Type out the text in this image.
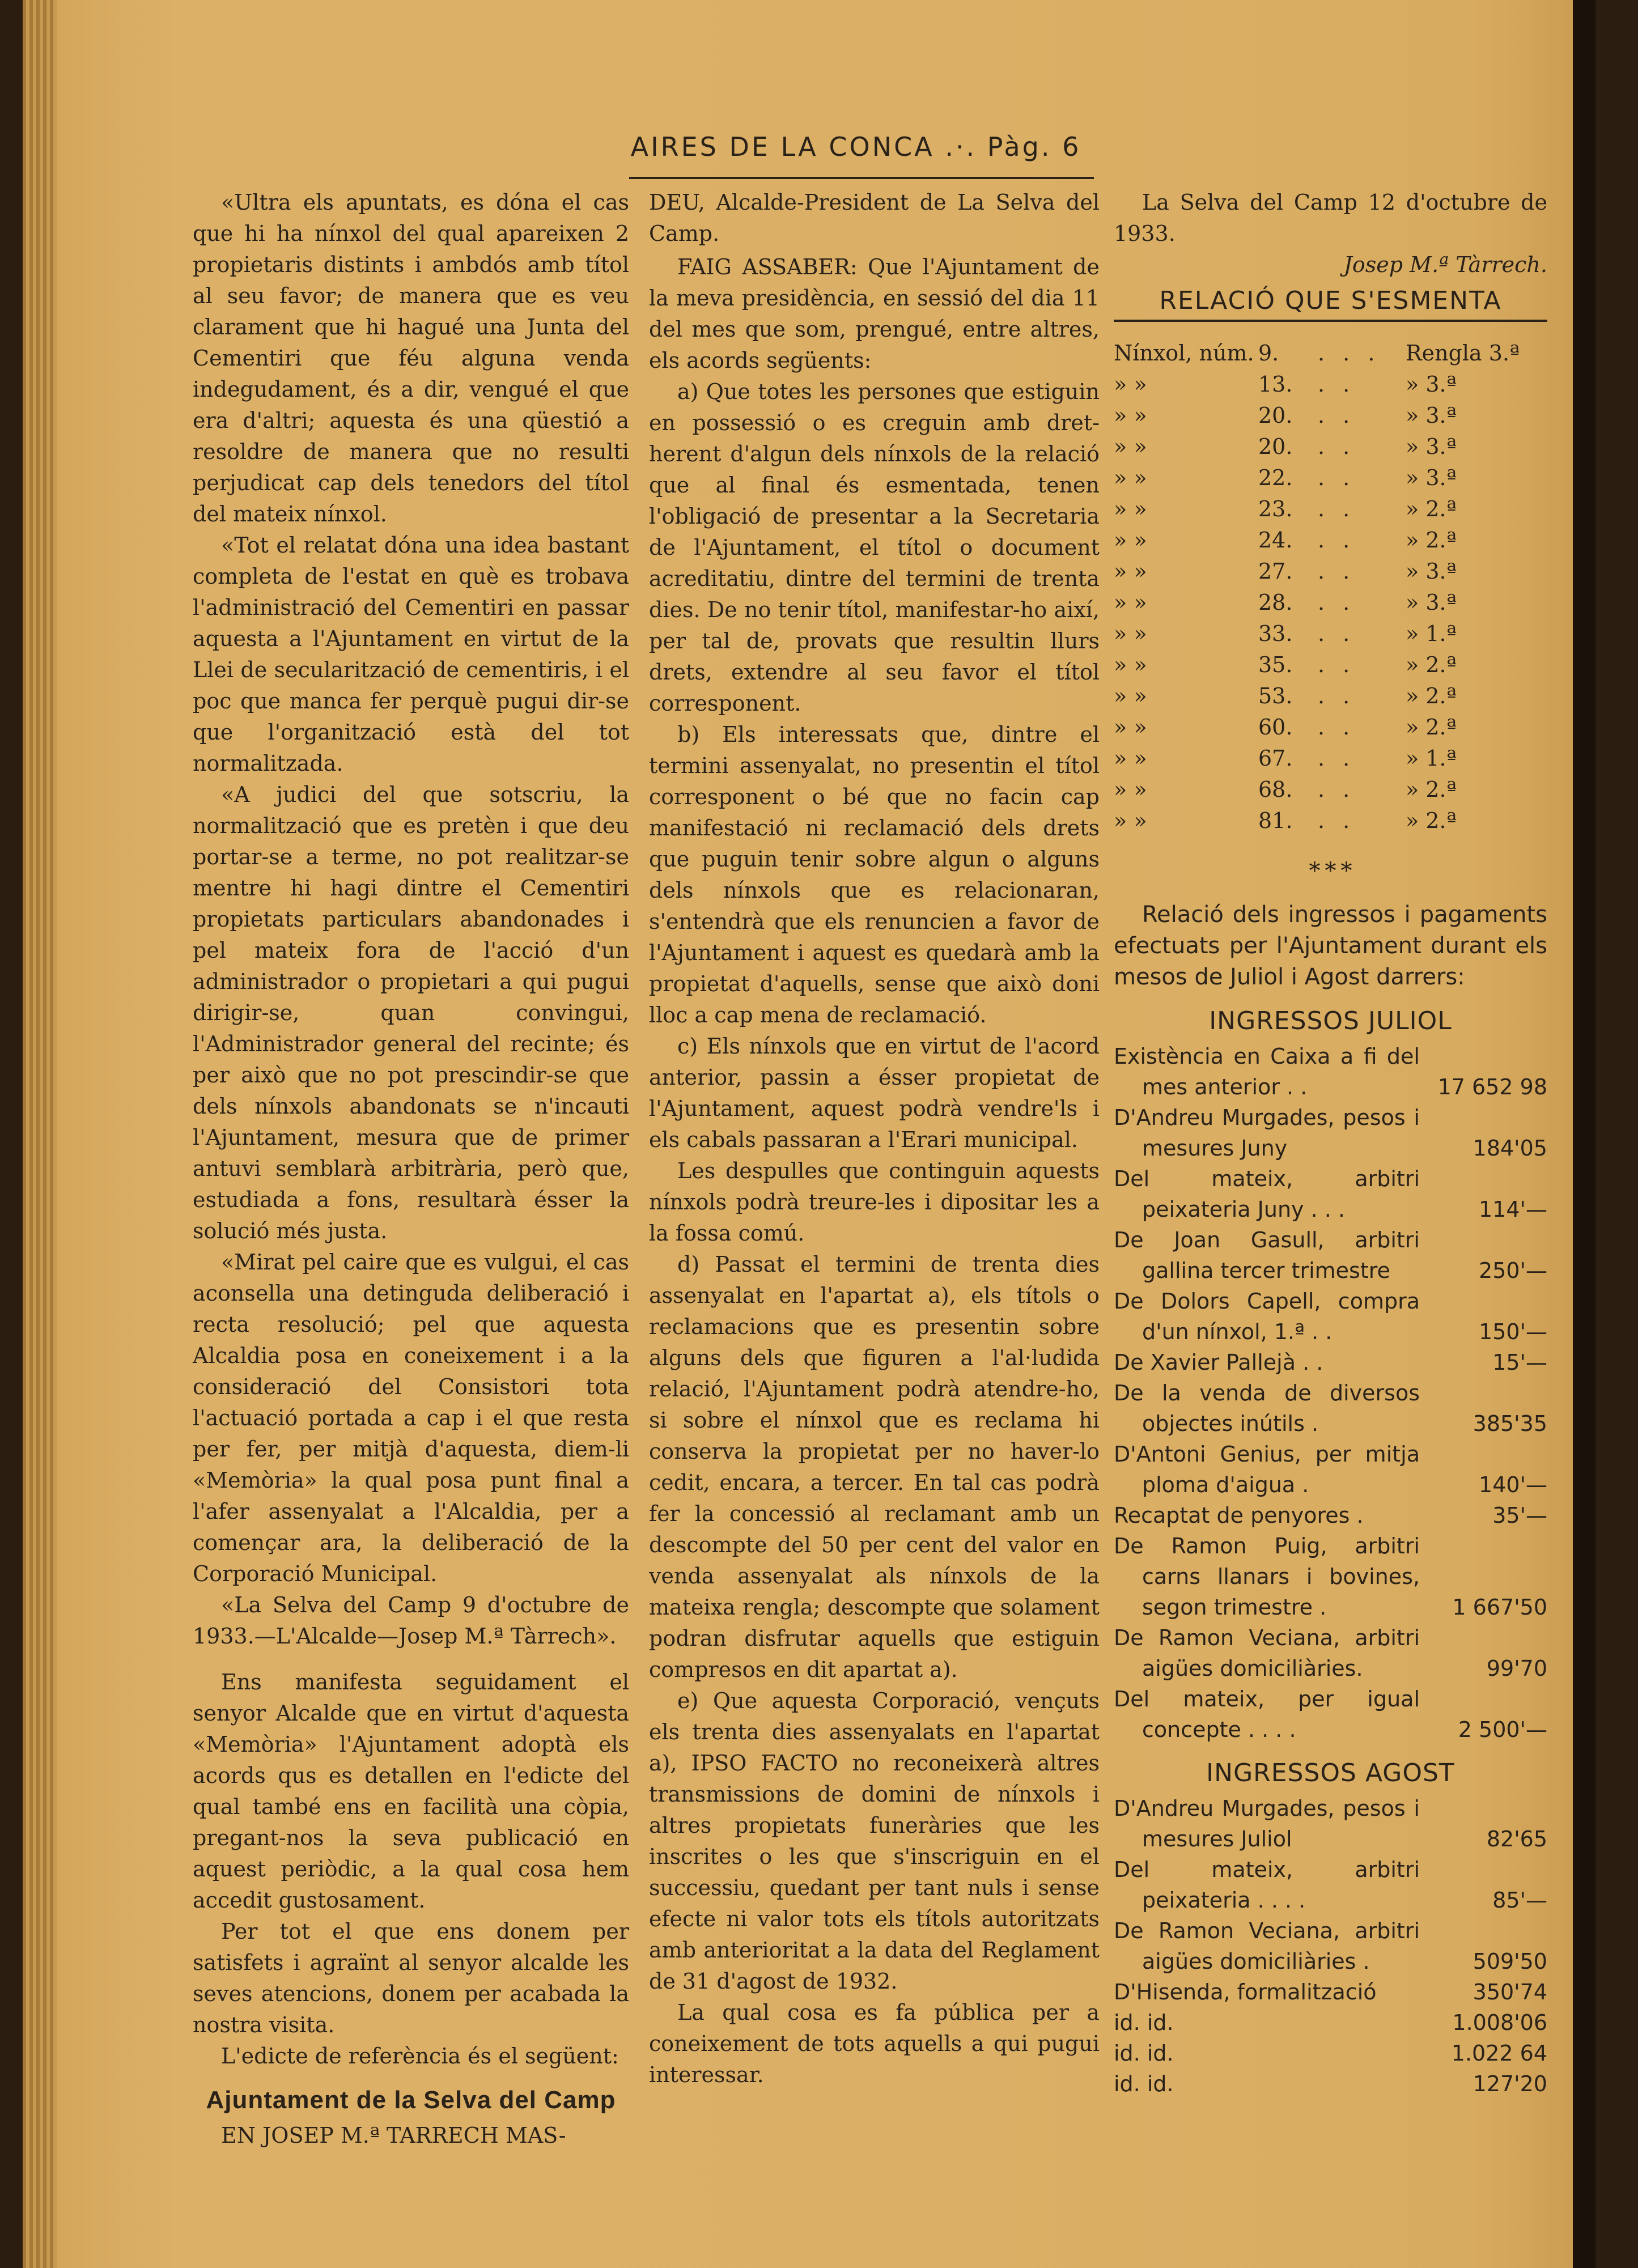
AIRES DE LA CONCA .·. Pàg. 6

«Ultra els apuntats, es dóna el cas que hi ha nínxol del qual apareixen 2 propietaris distints i ambdós amb títol al seu favor; de manera que es veu clarament que hi hagué una Junta del Cementiri que féu alguna venda indegudament, és a dir, vengué el que era d'altri; aquesta és una qüestió a resoldre de manera que no resulti perjudicat cap dels tenedors del títol del mateix nínxol.

«Tot el relatat dóna una idea bastant completa de l'estat en què es trobava l'administració del Cementiri en passar aquesta a l'Ajuntament en virtut de la Llei de secularització de cementiris, i el poc que manca fer perquè pugui dir-se que l'organització està del tot normalitzada.

«A judici del que sotscriu, la normalització que es pretèn i que deu portar-se a terme, no pot realitzar-se mentre hi hagi dintre el Cementiri propietats particulars abandonades i pel mateix fora de l'acció d'un administrador o propietari a qui pugui dirigir-se, quan convingui, l'Administrador general del recinte; és per això que no pot prescindir-se que dels nínxols abandonats se n'incauti l'Ajuntament, mesura que de primer antuvi semblarà arbitrària, però que, estudiada a fons, resultarà ésser la solució més justa.

«Mirat pel caire que es vulgui, el cas aconsella una detinguda deliberació i recta resolució; pel que aquesta Alcaldia posa en coneixement i a la consideració del Consistori tota l'actuació portada a cap i el que resta per fer, per mitjà d'aquesta, diem-li «Memòria» la qual posa punt final a l'afer assenyalat a l'Alcaldia, per a començar ara, la deliberació de la Corporació Municipal.

«La Selva del Camp 9 d'octubre de 1933.—L'Alcalde—Josep M.ª Tàrrech».

Ens manifesta seguidament el senyor Alcalde que en virtut d'aquesta «Memòria» l'Ajuntament adoptà els acords qus es detallen en l'edicte del qual també ens en facilità una còpia, pregant-nos la seva publicació en aquest periòdic, a la qual cosa hem accedit gustosament.

Per tot el que ens donem per satisfets i agraïnt al senyor alcalde les seves atencions, donem per acabada la nostra visita.

L'edicte de referència és el següent:

Ajuntament de la Selva del Camp

EN JOSEP M.ª TARRECH MAS-

DEU, Alcalde-President de La Selva del Camp.

FAIG ASSABER: Que l'Ajuntament de la meva presidència, en sessió del dia 11 del mes que som, prengué, entre altres, els acords següents:

a) Que totes les persones que estiguin en possessió o es creguin amb dret-herent d'algun dels nínxols de la relació que al final és esmentada, tenen l'obligació de presentar a la Secretaria de l'Ajuntament, el títol o document acreditatiu, dintre del termini de trenta dies. De no tenir títol, manifestar-ho així, per tal de, provats que resultin llurs drets, extendre al seu favor el títol corresponent.

b) Els interessats que, dintre el termini assenyalat, no presentin el títol corresponent o bé que no facin cap manifestació ni reclamació dels drets que puguin tenir sobre algun o alguns dels nínxols que es relacionaran, s'entendrà que els renuncien a favor de l'Ajuntament i aquest es quedarà amb la propietat d'aquells, sense que això doni lloc a cap mena de reclamació.

c) Els nínxols que en virtut de l'acord anterior, passin a ésser propietat de l'Ajuntament, aquest podrà vendre'ls i els cabals passaran a l'Erari municipal.

Les despulles que continguin aquests nínxols podrà treure-les i dipositar les a la fossa comú.

d) Passat el termini de trenta dies assenyalat en l'apartat a), els títols o reclamacions que es presentin sobre alguns dels que figuren a l'al·ludida relació, l'Ajuntament podrà atendre-ho, si sobre el nínxol que es reclama hi conserva la propietat per no haver-lo cedit, encara, a tercer. En tal cas podrà fer la concessió al reclamant amb un descompte del 50 per cent del valor en venda assenyalat als nínxols de la mateixa rengla; descompte que solament podran disfrutar aquells que estiguin compresos en dit apartat a).

e) Que aquesta Corporació, vençuts els trenta dies assenyalats en l'apartat a), IPSO FACTO no reconeixerà altres transmissions de domini de nínxols i altres propietats funeràries que les inscrites o les que s'inscriguin en el successiu, quedant per tant nuls i sense efecte ni valor tots els títols autoritzats amb anterioritat a la data del Reglament de 31 d'agost de 1932.

La qual cosa es fa pública per a coneixement de tots aquells a qui pugui interessar.

La Selva del Camp 12 d'octubre de 1933.

Josep M.ª Tàrrech.
RELACIÓ QUE S'ESMENTA
Nínxol, núm.	9.	. . .	Rengla 3.ª
» »	13.	. .	» 3.ª
» »	20.	. .	» 3.ª
» »	20.	. .	» 3.ª
» »	22.	. .	» 3.ª
» »	23.	. .	» 2.ª
» »	24.	. .	» 2.ª
» »	27.	. .	» 3.ª
» »	28.	. .	» 3.ª
» »	33.	. .	» 1.ª
» »	35.	. .	» 2.ª
» »	53.	. .	» 2.ª
» »	60.	. .	» 2.ª
» »	67.	. .	» 1.ª
» »	68.	. .	» 2.ª
» »	81.	. .	» 2.ª
* * *

Relació dels ingressos i pagaments efectuats per l'Ajuntament durant els mesos de Juliol i Agost darrers:

INGRESSOS JULIOL
Existència en Caixa a fi del mes anterior . .	17 652 98
D'Andreu Murgades, pesos i mesures Juny	184'05
Del mateix, arbitri peixateria Juny . . .	114'—
De Joan Gasull, arbitri gallina tercer trimestre	250'—
De Dolors Capell, compra d'un nínxol, 1.ª . .	150'—
De Xavier Pallejà . .	15'—
De la venda de diversos objectes inútils .	385'35
D'Antoni Genius, per mitja ploma d'aigua .	140'—
Recaptat de penyores .	35'—
De Ramon Puig, arbitri carns llanars i bovines, segon trimestre .	1 667'50
De Ramon Veciana, arbitri aigües domiciliàries.	99'70
Del mateix, per igual concepte . . . .	2 500'—
INGRESSOS AGOST
D'Andreu Murgades, pesos i mesures Juliol	82'65
Del mateix, arbitri peixateria . . . .	85'—
De Ramon Veciana, arbitri aigües domiciliàries .	509'50
D'Hisenda, formalització	350'74
id. id.	1.008'06
id. id.	1.022 64
id. id.	127'20
